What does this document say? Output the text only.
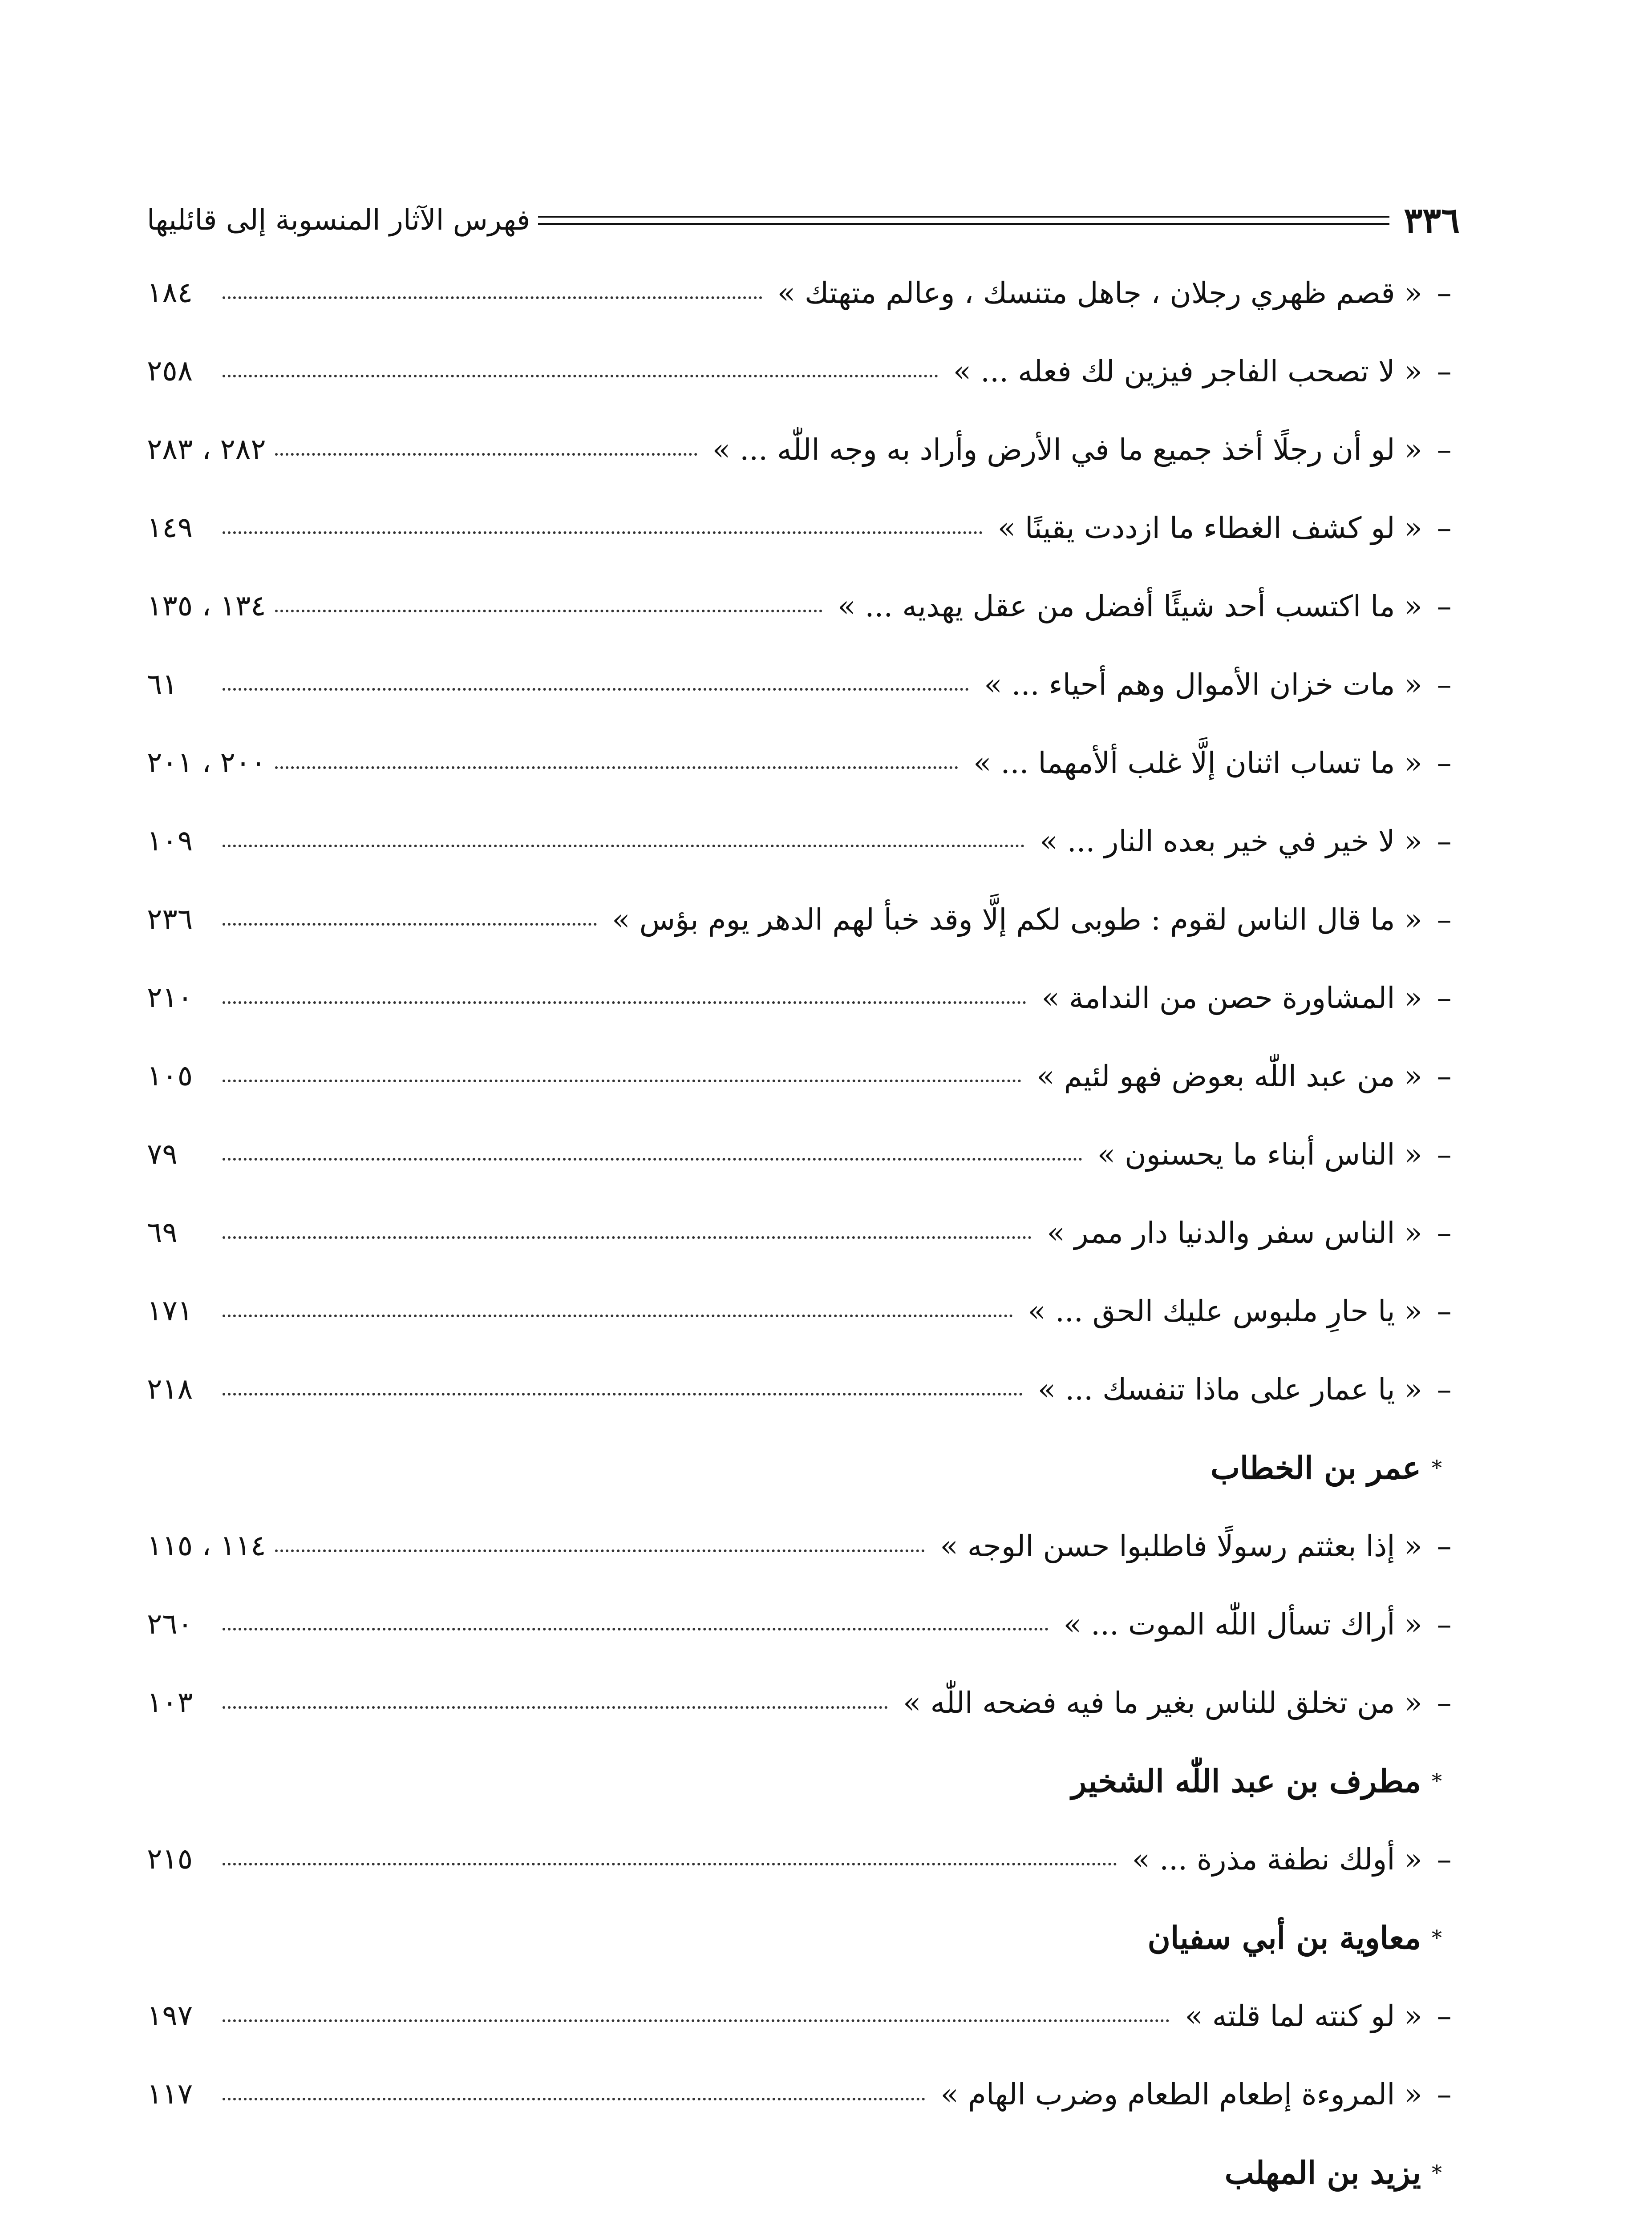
٣٣٦
فهرس الآثار المنسوبة إلى قائليها
–
« قصم ظهري رجلان ، جاهل متنسك ، وعالم متهتك »
١٨٤
–
« لا تصحب الفاجر فيزين لك فعله ... »
٢٥٨
–
« لو أن رجلًا أخذ جميع ما في الأرض وأراد به وجه اللّٰه ... »
٢٨٢ ، ٢٨٣
–
« لو كشف الغطاء ما ازددت يقينًا »
١٤٩
–
« ما اكتسب أحد شيئًا أفضل من عقل يهديه ... »
١٣٤ ، ١٣٥
–
« مات خزان الأموال وهم أحياء ... »
٦١
–
« ما تساب اثنان إلَّا غلب ألأمهما ... »
٢٠٠ ، ٢٠١
–
« لا خير في خير بعده النار ... »
١٠٩
–
« ما قال الناس لقوم : طوبى لكم إلَّا وقد خبأ لهم الدهر يوم بؤس »
٢٣٦
–
« المشاورة حصن من الندامة »
٢١٠
–
« من عبد اللّٰه بعوض فهو لئيم »
١٠٥
–
« الناس أبناء ما يحسنون »
٧٩
–
« الناس سفر والدنيا دار ممر »
٦٩
–
« يا حارِ ملبوس عليك الحق ... »
١٧١
–
« يا عمار على ماذا تنفسك ... »
٢١٨
*
عمر بن الخطاب
–
« إذا بعثتم رسولًا فاطلبوا حسن الوجه »
١١٤ ، ١١٥
–
« أراك تسأل اللّٰه الموت ... »
٢٦٠
–
« من تخلق للناس بغير ما فيه فضحه اللّٰه »
١٠٣
*
مطرف بن عبد اللّٰه الشخير
–
« أولك نطفة مذرة ... »
٢١٥
*
معاوية بن أبي سفيان
–
« لو كنته لما قلته »
١٩٧
–
« المروءة إطعام الطعام وضرب الهام »
١١٧
*
يزيد بن المهلب
